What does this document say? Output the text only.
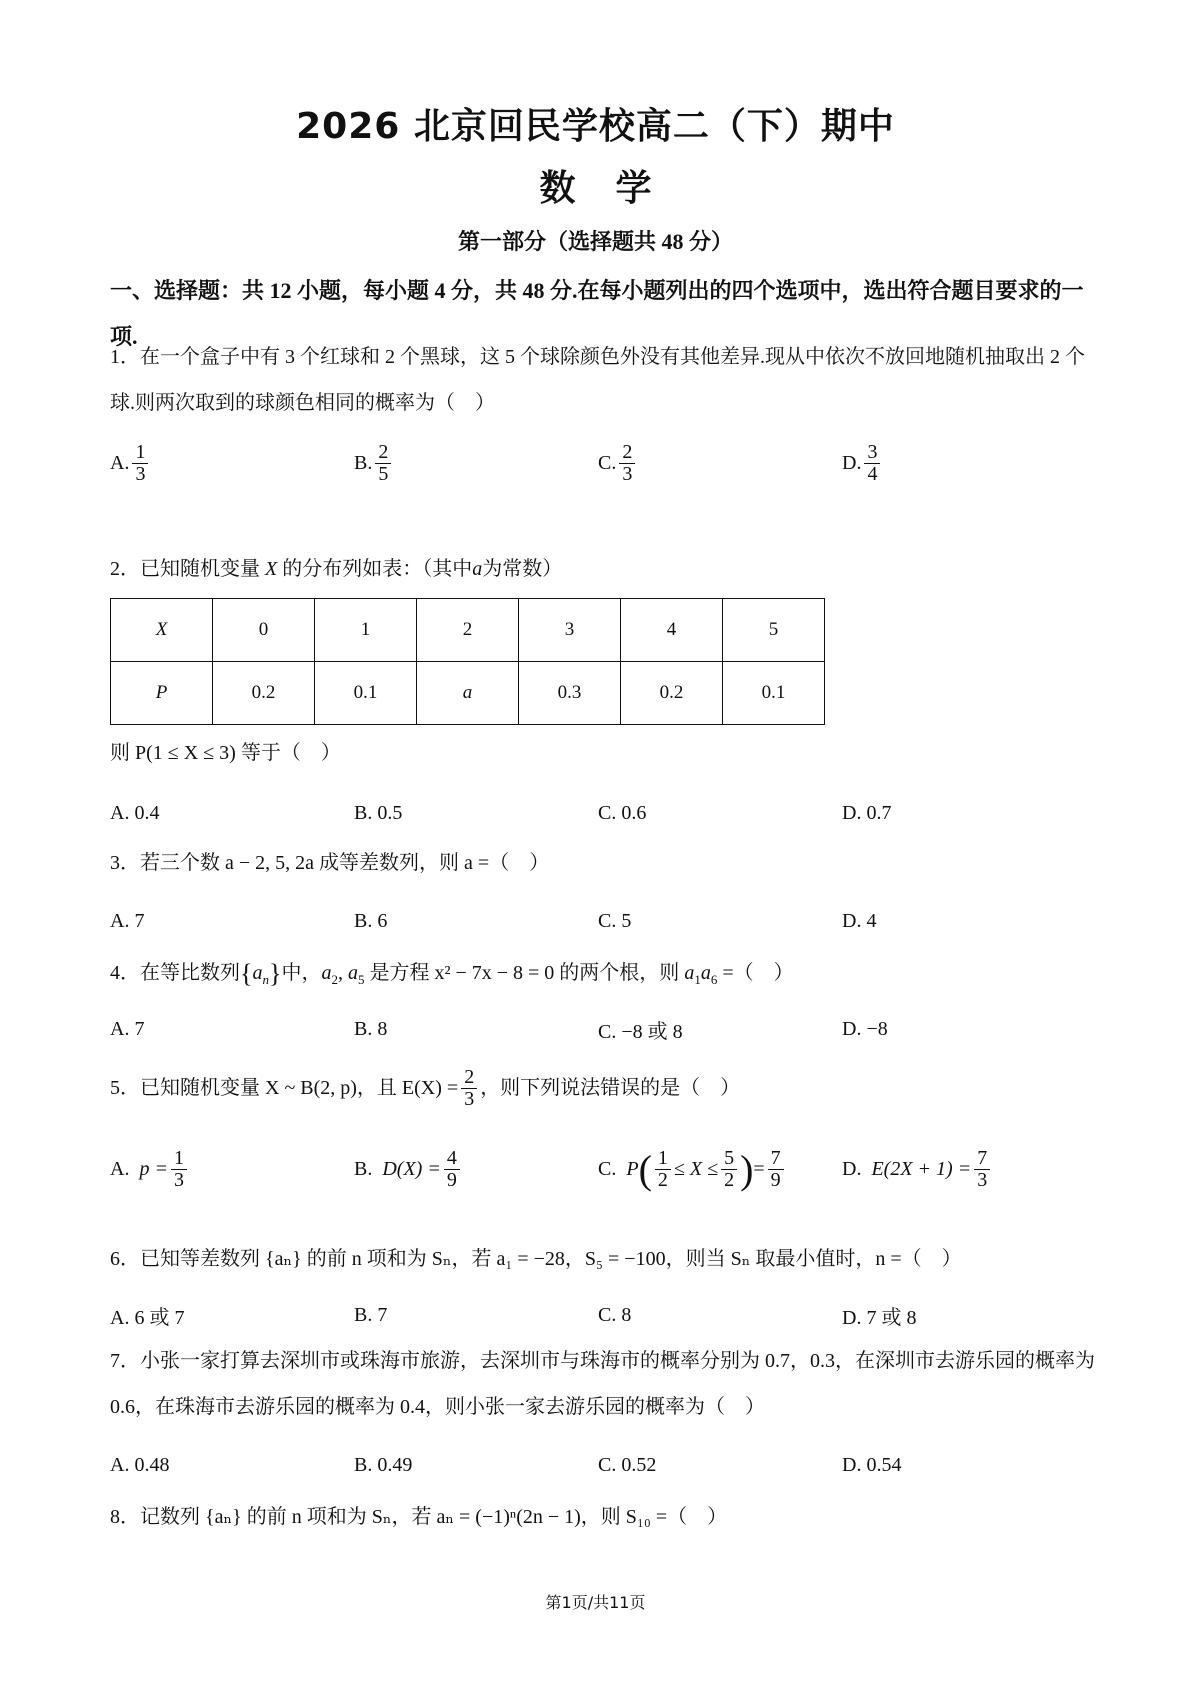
2026 北京回民学校高二（下）期中
数学
第一部分（选择题共 48 分）
一、选择题：共 12 小题，每小题 4 分，共 48 分.在每小题列出的四个选项中，选出符合题目要求的一项.
1．在一个盒子中有 3 个红球和 2 个黑球，这 5 个球除颜色外没有其他差异.现从中依次不放回地随机抽取出 2 个球.则两次取到的球颜色相同的概率为（　）
A. $\frac{1}{3}$	B. $\frac{2}{5}$	C. $\frac{2}{3}$	D. $\frac{3}{4}$
2．已知随机变量 X 的分布列如表：（其中a为常数）
X	0	1	2	3	4	5
P	0.2	0.1	a	0.3	0.2	0.1
则 P(1 ≤ X ≤ 3) 等于（　）
A. 0.4	B. 0.5	C. 0.6	D. 0.7
3．若三个数 a − 2, 5, 2a 成等差数列，则 a =（　）
A. 7	B. 6	C. 5	D. 4
4．在等比数列$\{a_n\}$中，$a_2$, $a_5$ 是方程 x² − 7x − 8 = 0 的两个根，则 $a_1a_6$ =（　）
A. 7	B. 8	C. −8 或 8	D. −8
5．已知随机变量 X ~ B(2, p)，且 $E(X) = \frac{2}{3}$ ，则下列说法错误的是（　）
A.
$p = \frac{1}{3}$	B.
$D(X) = \frac{4}{9}$	C.
P ( $\frac{1}{2} \le X \le \frac{5}{2}$ ) = $\frac{7}{9}$	D.
$E(2X + 1) = \frac{7}{3}$
6．已知等差数列 {aₙ} 的前 n 项和为 Sₙ，若 a₁ = −28，S₅ = −100，则当 Sₙ 取最小值时，n =（　）
A. 6 或 7	B. 7	C. 8	D. 7 或 8
7．小张一家打算去深圳市或珠海市旅游，去深圳市与珠海市的概率分别为 0.7，0.3，在深圳市去游乐园的概率为 0.6，在珠海市去游乐园的概率为 0.4，则小张一家去游乐园的概率为（　）
A. 0.48	B. 0.49	C. 0.52	D. 0.54
8．记数列 {aₙ} 的前 n 项和为 Sₙ，若 aₙ = (−1)ⁿ(2n − 1)，则 S₁₀ =（　）
第1页/共11页
